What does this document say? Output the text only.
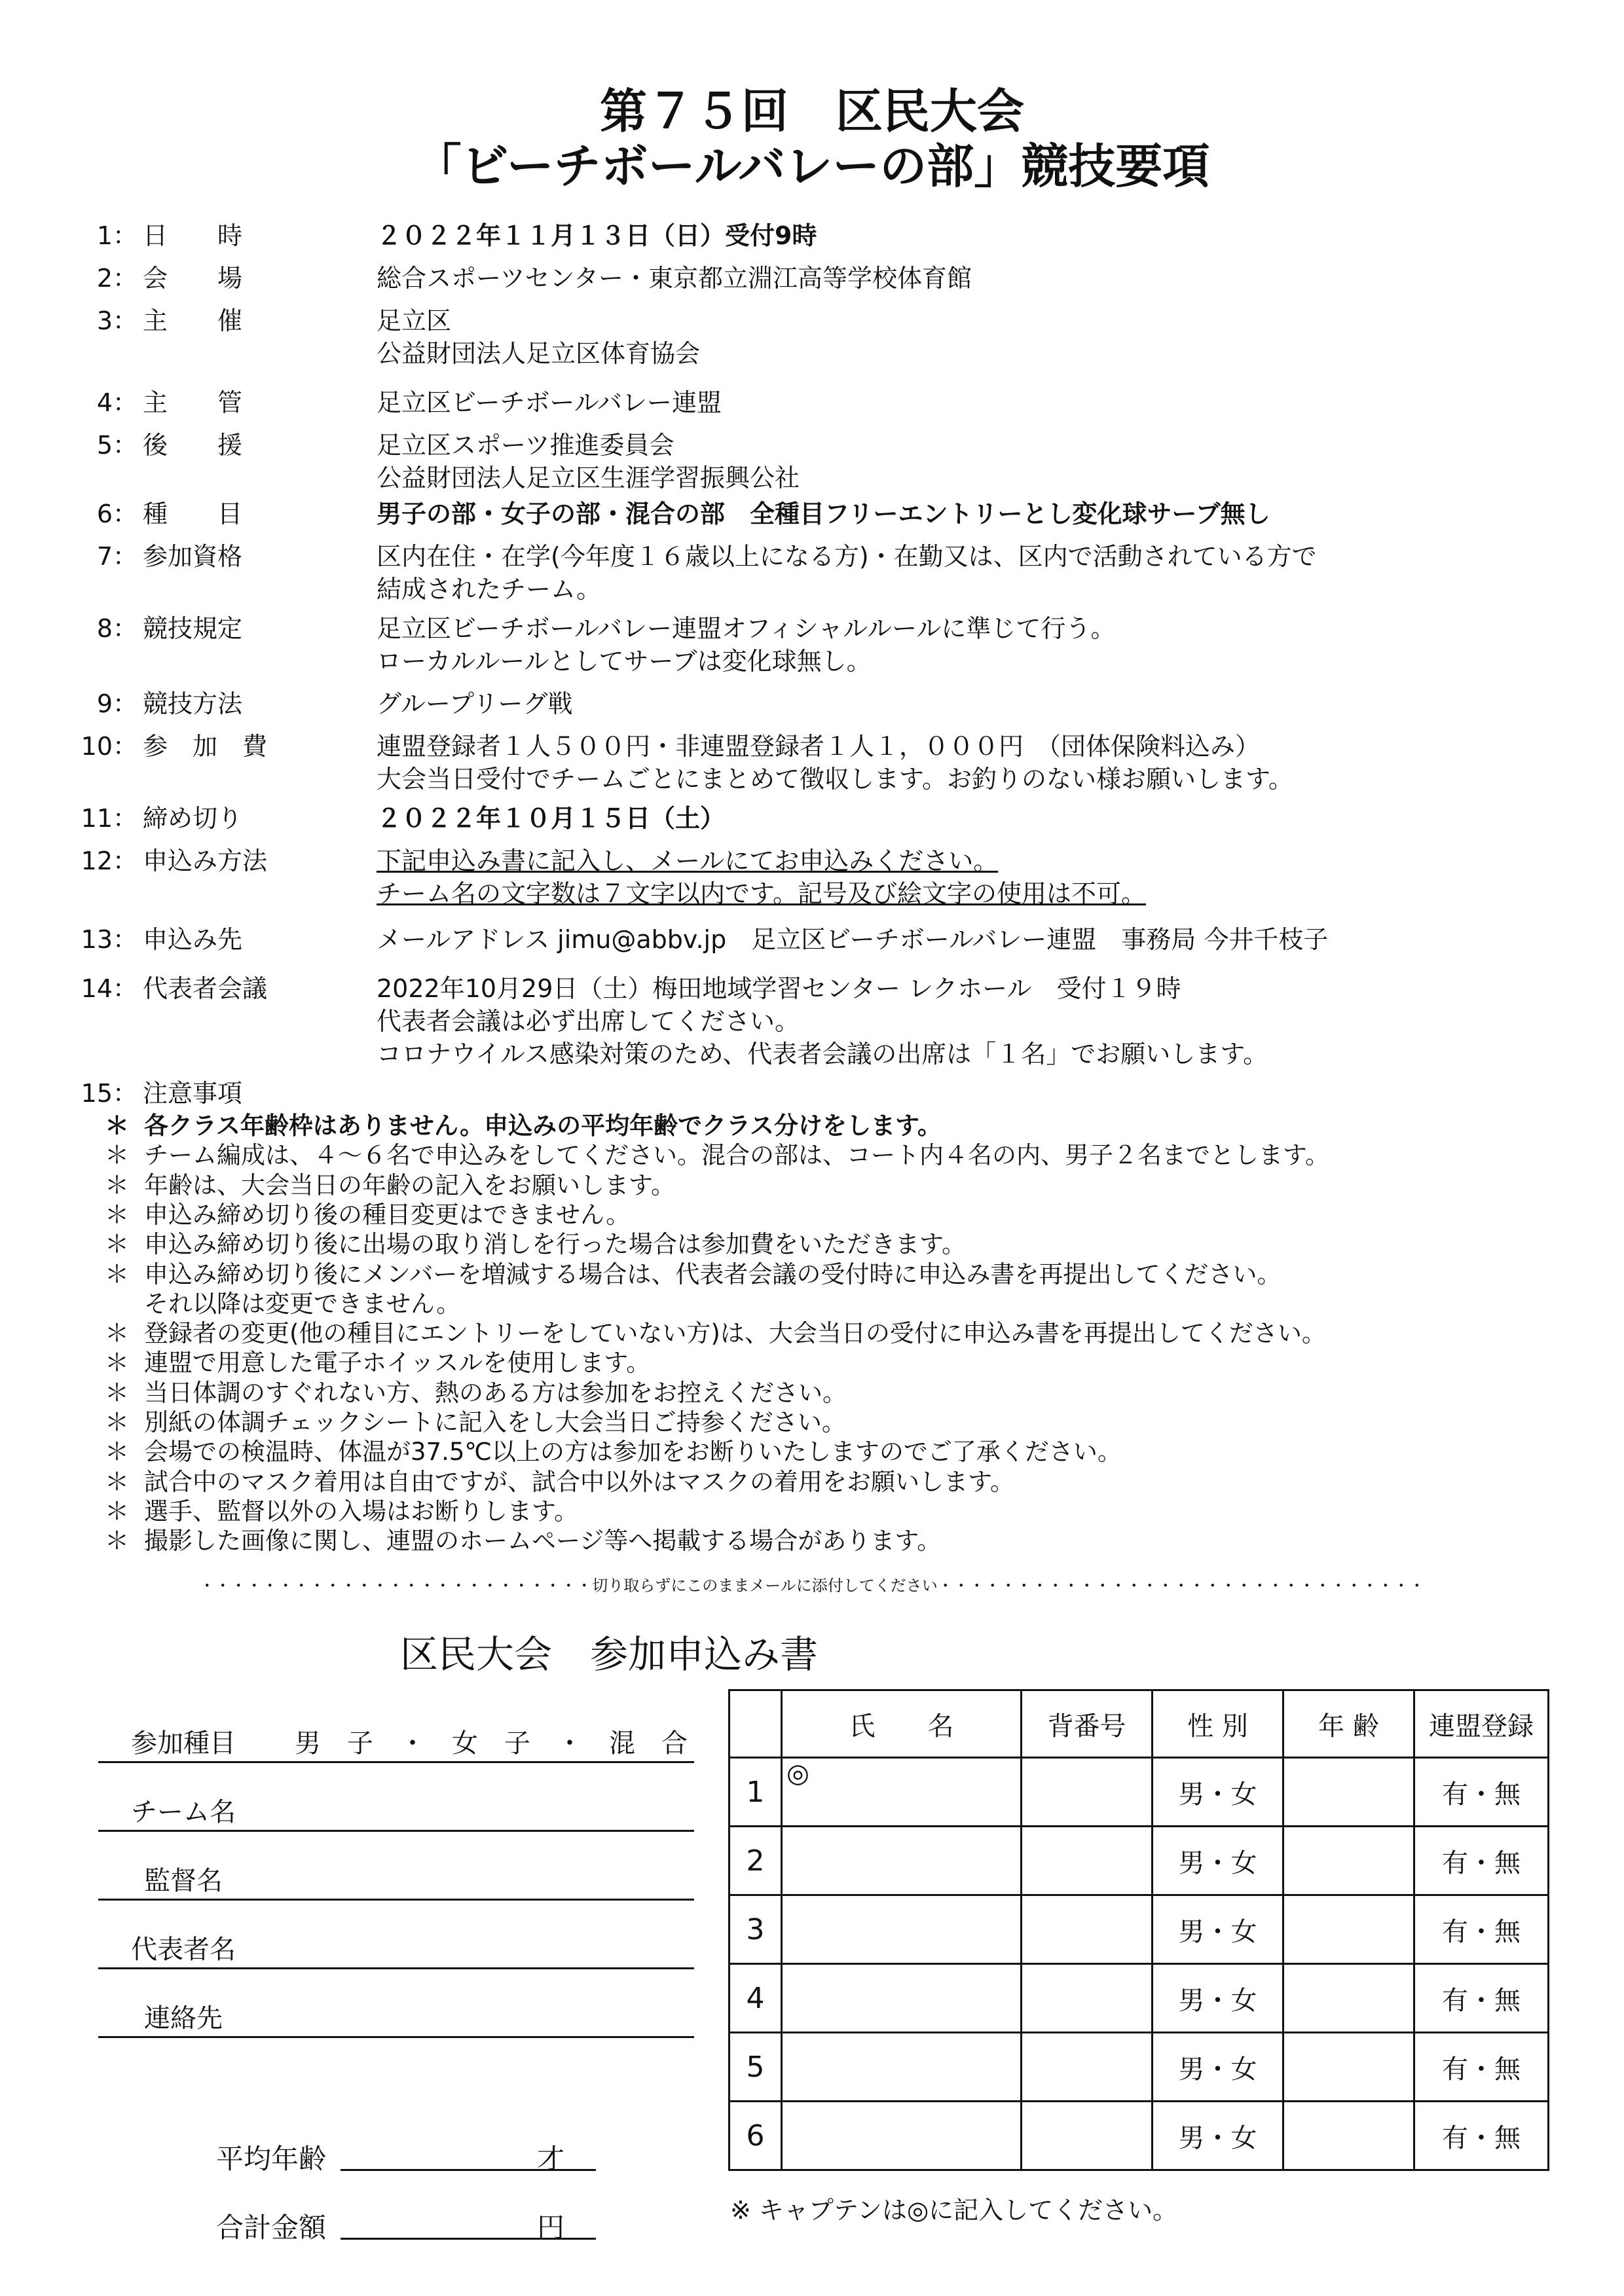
第７５回　区民大会
「ビーチボールバレーの部」競技要項
1： 日　　時	２０２２年１１月１３日（日）受付9時
2： 会　　場	総合スポーツセンター・東京都立淵江高等学校体育館
3： 主　　催	足立区
公益財団法人足立区体育協会
4： 主　　管	足立区ビーチボールバレー連盟
5： 後　　援	足立区スポーツ推進委員会
公益財団法人足立区生涯学習振興公社
6： 種　　目	男子の部・女子の部・混合の部　全種目フリーエントリーとし変化球サーブ無し
7： 参加資格	区内在住・在学(今年度１６歳以上になる方)・在勤又は、区内で活動されている方で
結成されたチーム。
8： 競技規定	足立区ビーチボールバレー連盟オフィシャルルールに準じて行う。
ローカルルールとしてサーブは変化球無し。
9： 競技方法	グループリーグ戦
10： 参　加　費	連盟登録者１人５００円・非連盟登録者１人１，０００円　（団体保険料込み）
大会当日受付でチームごとにまとめて徴収します。お釣りのない様お願いします。
11： 締め切り	２０２２年１０月１５日（土）
12： 申込み方法	下記申込み書に記入し、メールにてお申込みください。
チーム名の文字数は７文字以内です。記号及び絵文字の使用は不可。
13： 申込み先	メールアドレス jimu@abbv.jp　足立区ビーチボールバレー連盟　事務局 今井千枝子
14： 代表者会議	2022年10月29日（土）梅田地域学習センター レクホール　受付１９時
代表者会議は必ず出席してください。
コロナウイルス感染対策のため、代表者会議の出席は「１名」でお願いします。
15： 注意事項
＊ 各クラス年齢枠はありません。申込みの平均年齢でクラス分けをします。
＊ チーム編成は、４～６名で申込みをしてください。混合の部は、コート内４名の内、男子２名までとします。
＊ 年齢は、大会当日の年齢の記入をお願いします。
＊ 申込み締め切り後の種目変更はできません。
＊ 申込み締め切り後に出場の取り消しを行った場合は参加費をいただきます。
＊ 申込み締め切り後にメンバーを増減する場合は、代表者会議の受付時に申込み書を再提出してください。
それ以降は変更できません。
＊ 登録者の変更(他の種目にエントリーをしていない方)は、大会当日の受付に申込み書を再提出してください。
＊ 連盟で用意した電子ホイッスルを使用します。
＊ 当日体調のすぐれない方、熱のある方は参加をお控えください。
＊ 別紙の体調チェックシートに記入をし大会当日ご持参ください。
＊ 会場での検温時、体温が37.5℃以上の方は参加をお断りいたしますのでご了承ください。
＊ 試合中のマスク着用は自由ですが、試合中以外はマスクの着用をお願いします。
＊ 選手、監督以外の入場はお断りします。
＊ 撮影した画像に関し、連盟のホームページ等へ掲載する場合があります。
・・・・・・・・・・・・・・・・・・・・・・・・・切り取らずにこのままメールに添付してください・・・・・・・・・・・・・・・・・・・・・・・・・・・・・・・
区民大会　参加申込み書
参加種目 男　子　・　女　子　・　混　合
チーム名
監督名
代表者名
連絡先
平均年齢	才
合計金額	円
	氏　　名	背番号	性 別	年 齢	連盟登録
1	◎		男・女		有・無
2			男・女		有・無
3			男・女		有・無
4			男・女		有・無
5			男・女		有・無
6			男・女		有・無
※ キャプテンは◎に記入してください。
